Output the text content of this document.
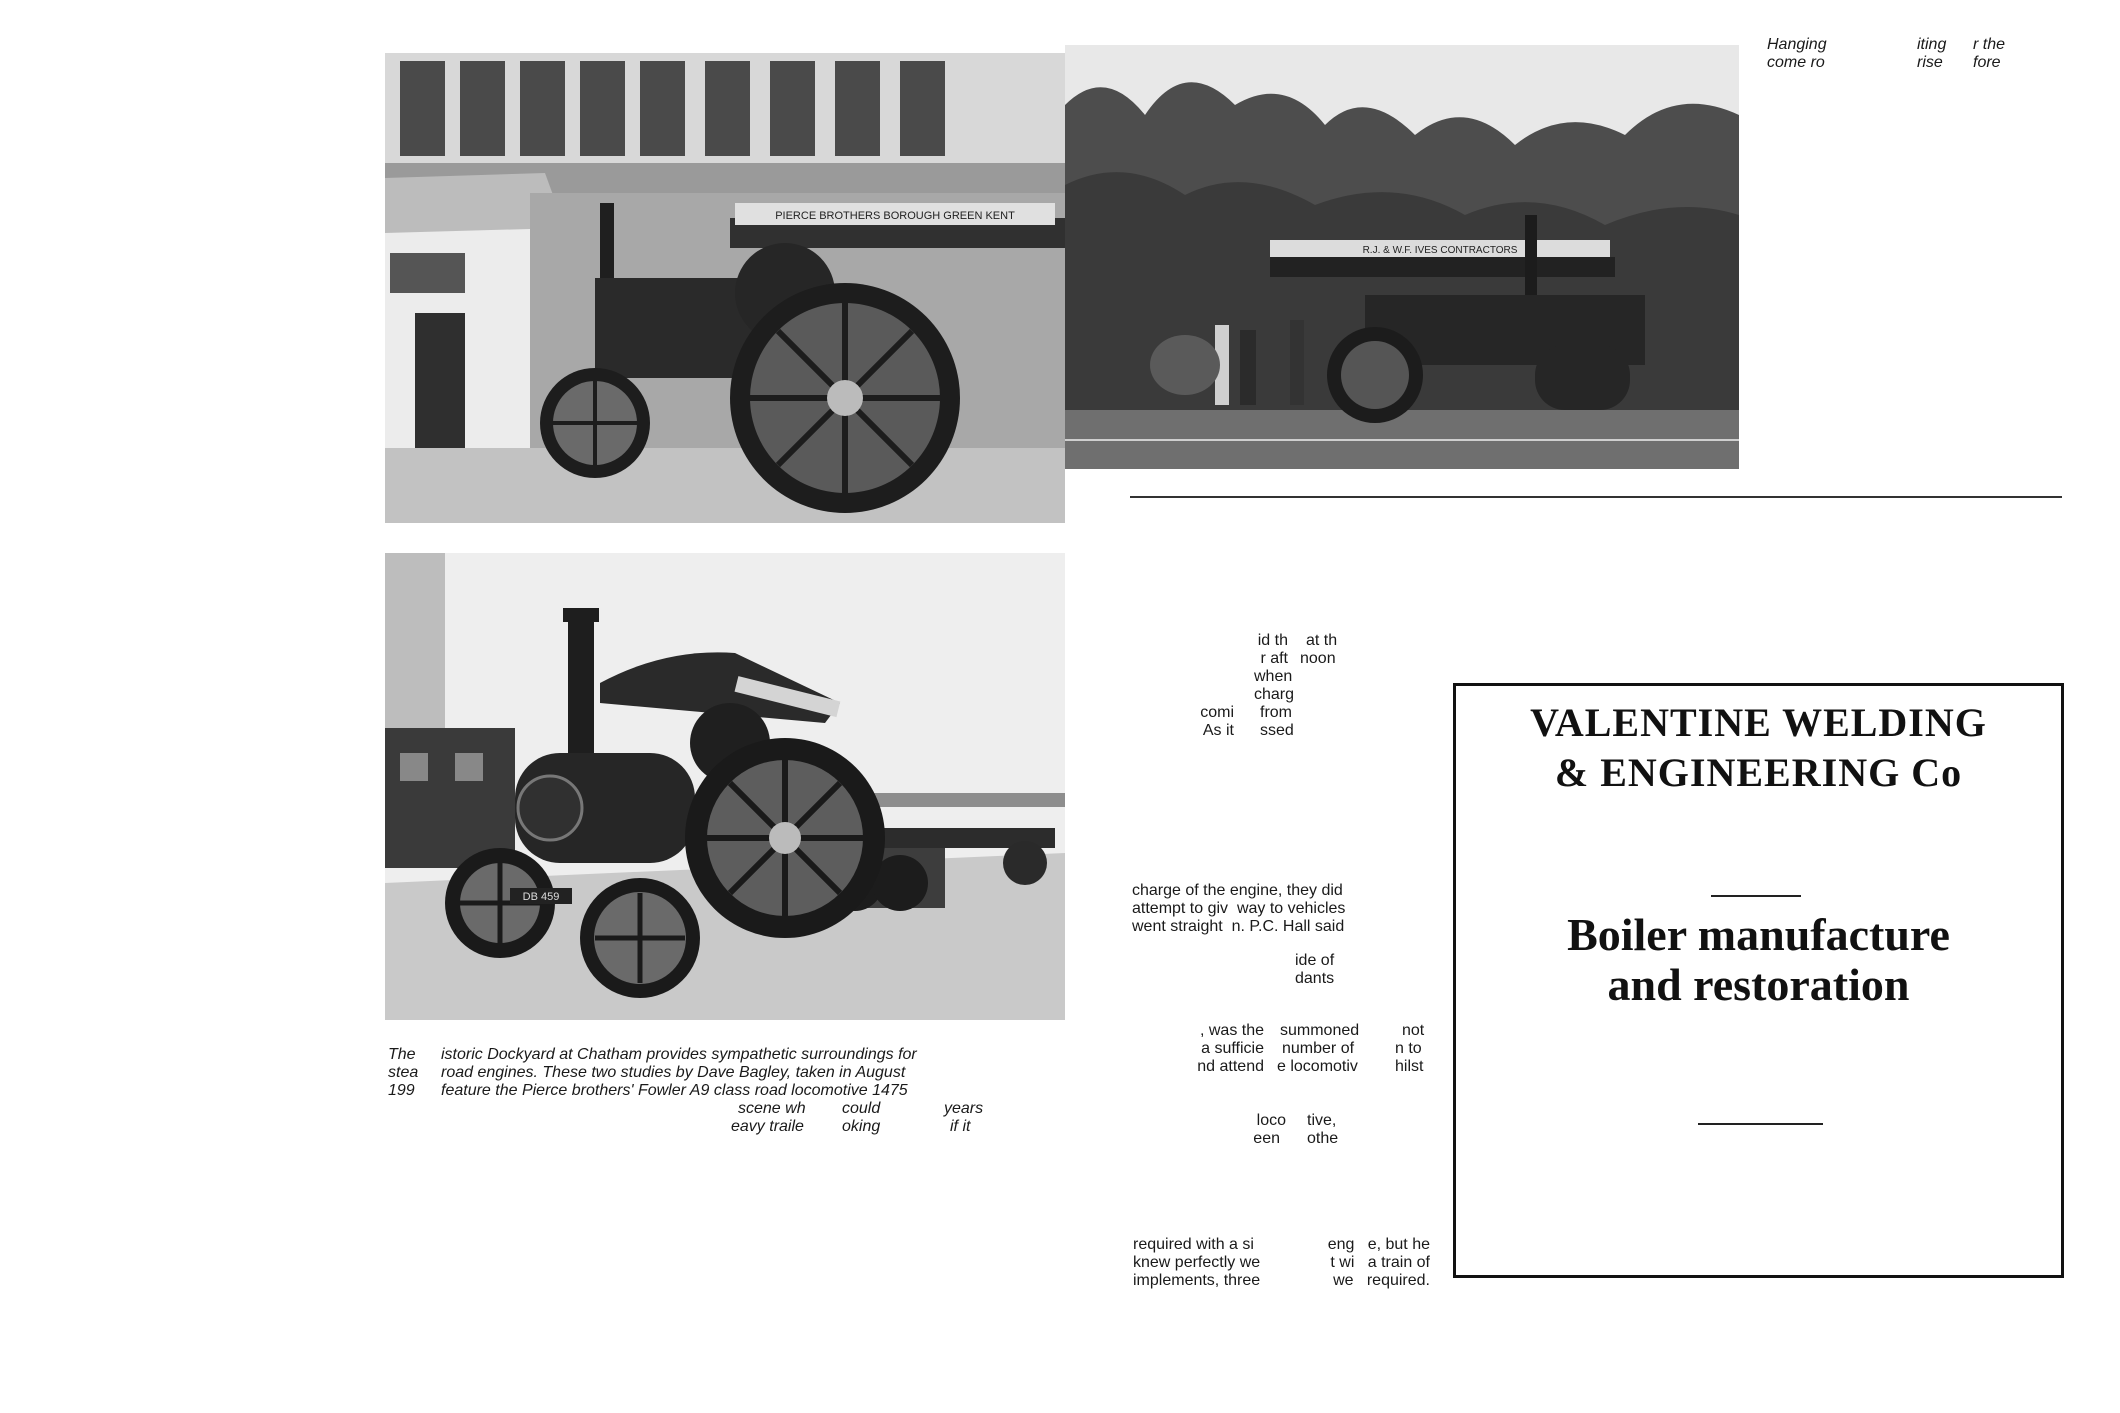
PIERCE BROTHERS BOROUGH GREEN KENT
R.J. & W.F. IVES CONTRACTORS
DB 459
Hanging	iting r the
come ro	rise fore
The istoric Dockyard at Chatham provides sympathetic surroundings for
stea road engines. These two studies by Dave Bagley, taken in August
199 feature the Pierce brothers' Fowler A9 class road locomotive 1475
scene wh could	years
eavy traile oking	if it
id th at th
r aft noon
when
charg
comi from
As it ssed
charge of the engine, they did
attempt to giv  way to vehicles
went straight  n. P.C. Hall said
ide of
dants
, was the summoned	not
a sufficie number of	n to
nd attend e locomotiv hilst
loco tive,
een othe
required with a si	eng   e, but he
knew perfectly we	t wi   a train of
implements, three	we   required.
VALENTINE WELDING
& ENGINEERING Co
Boiler manufacture
and restoration
